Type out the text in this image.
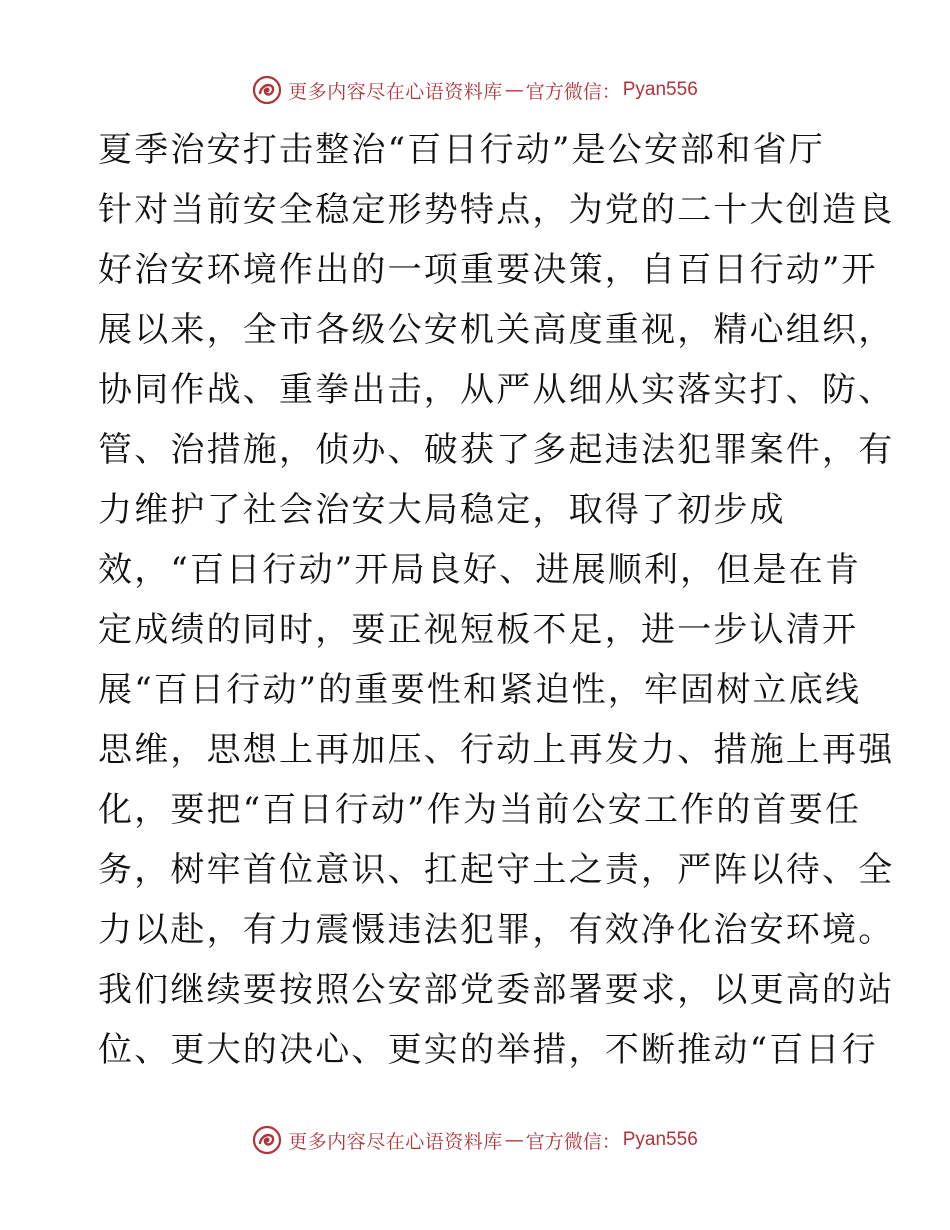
更多内容尽在心语资料库 — 官方微信： Pyan556
夏季治安打击整治“百日行动”是公安部和省厅
针对当前安全稳定形势特点，为党的二十大创造良
好治安环境作出的一项重要决策，自百日行动”开
展以来，全市各级公安机关高度重视，精心组织，
协同作战、重拳出击，从严从细从实落实打、防、
管、治措施，侦办、破获了多起违法犯罪案件，有
力维护了社会治安大局稳定，取得了初步成
效，“百日行动”开局良好、进展顺利，但是在肯
定成绩的同时，要正视短板不足，进一步认清开
展“百日行动”的重要性和紧迫性，牢固树立底线
思维，思想上再加压、行动上再发力、措施上再强
化，要把“百日行动”作为当前公安工作的首要任
务，树牢首位意识、扛起守土之责，严阵以待、全
力以赴，有力震慑违法犯罪，有效净化治安环境。
我们继续要按照公安部党委部署要求，以更高的站
位、更大的决心、更实的举措，不断推动“百日行
更多内容尽在心语资料库 — 官方微信： Pyan556
